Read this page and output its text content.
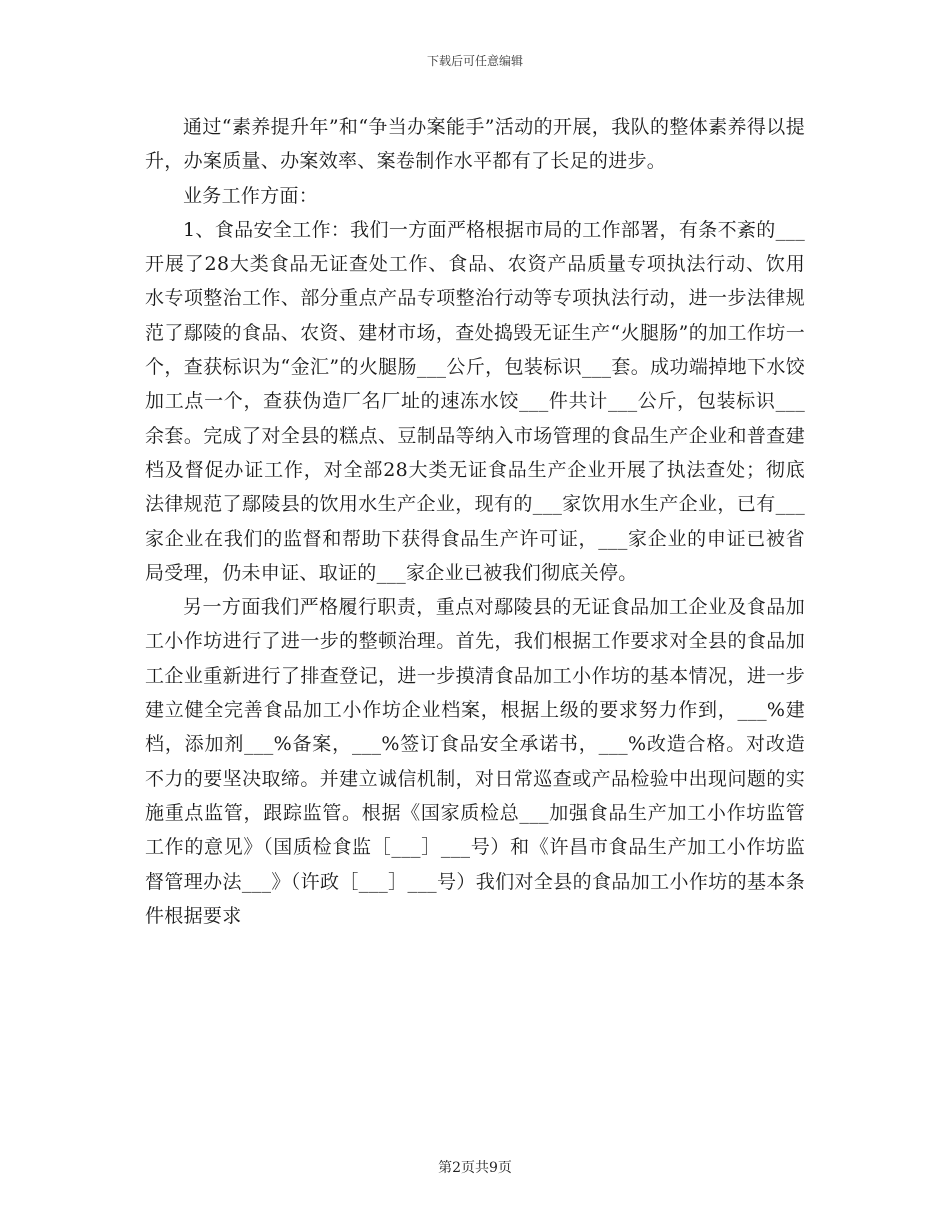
下载后可任意编辑

通过“素养提升年”和“争当办案能手”活动的开展，我队的整体素养得以提升，办案质量、办案效率、案卷制作水平都有了长足的进步。

业务工作方面：

1、食品安全工作：我们一方面严格根据市局的工作部署，有条不紊的___开展了28大类食品无证查处工作、食品、农资产品质量专项执法行动、饮用水专项整治工作、部分重点产品专项整治行动等专项执法行动，进一步法律规范了鄢陵的食品、农资、建材市场，查处捣毁无证生产“火腿肠”的加工作坊一个，查获标识为“金汇”的火腿肠___公斤，包装标识___套。成功端掉地下水饺加工点一个，查获伪造厂名厂址的速冻水饺___件共计___公斤，包装标识___余套。完成了对全县的糕点、豆制品等纳入市场管理的食品生产企业和普查建档及督促办证工作，对全部28大类无证食品生产企业开展了执法查处；彻底法律规范了鄢陵县的饮用水生产企业，现有的___家饮用水生产企业，已有___家企业在我们的监督和帮助下获得食品生产许可证，___家企业的申证已被省局受理，仍未申证、取证的___家企业已被我们彻底关停。

另一方面我们严格履行职责，重点对鄢陵县的无证食品加工企业及食品加工小作坊进行了进一步的整顿治理。首先，我们根据工作要求对全县的食品加工企业重新进行了排查登记，进一步摸清食品加工小作坊的基本情况，进一步建立健全完善食品加工小作坊企业档案，根据上级的要求努力作到，___%建档，添加剂___%备案，___%签订食品安全承诺书，___%改造合格。对改造不力的要坚决取缔。并建立诚信机制，对日常巡查或产品检验中出现问题的实施重点监管，跟踪监管。根据《国家质检总___加强食品生产加工小作坊监管工作的意见》（国质检食监［___］___号）和《许昌市食品生产加工小作坊监督管理办法___》（许政［___］___号）我们对全县的食品加工小作坊的基本条件根据要求

第2页共9页
